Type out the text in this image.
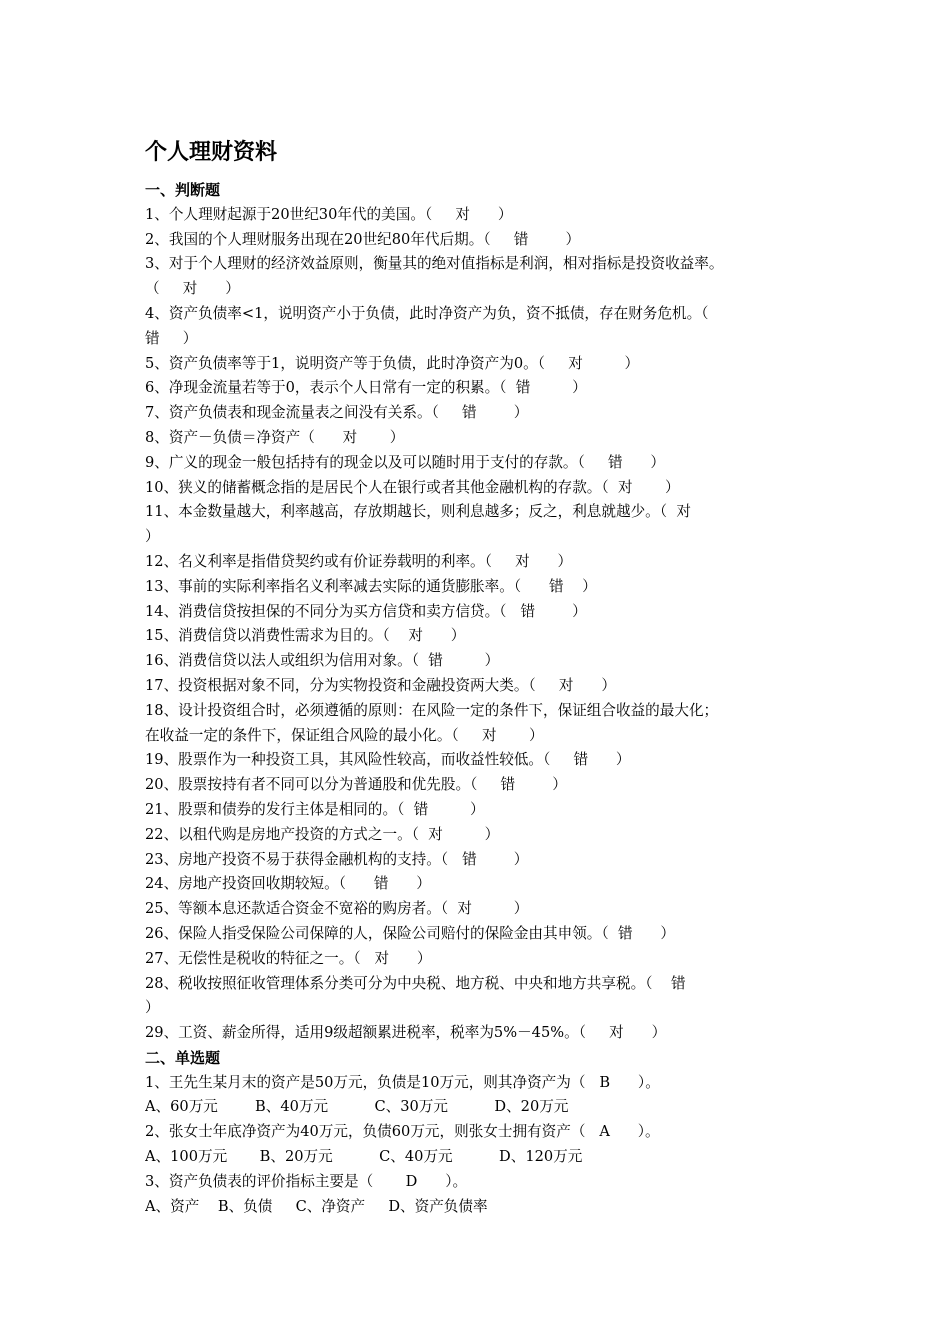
个人理财资料
一、判断题
1、个人理财起源于20世纪30年代的美国。（     对      ）
2、我国的个人理财服务出现在20世纪80年代后期。（     错        ）
3、对于个人理财的经济效益原则，衡量其的绝对值指标是利润，相对指标是投资收益率。
（     对      ）
4、资产负债率<1，说明资产小于负债，此时净资产为负，资不抵债，存在财务危机。（
错     ）
5、资产负债率等于1，说明资产等于负债，此时净资产为0。（     对         ）
6、净现金流量若等于0，表示个人日常有一定的积累。（  错         ）
7、资产负债表和现金流量表之间没有关系。（     错        ）
8、资产－负债＝净资产（      对       ）
9、广义的现金一般包括持有的现金以及可以随时用于支付的存款。（     错      ）
10、狭义的储蓄概念指的是居民个人在银行或者其他金融机构的存款。（  对       ）
11、本金数量越大，利率越高，存放期越长，则利息越多；反之，利息就越少。（  对
）
12、名义利率是指借贷契约或有价证券载明的利率。（     对      ）
13、事前的实际利率指名义利率减去实际的通货膨胀率。（      错    ）
14、消费信贷按担保的不同分为买方信贷和卖方信贷。（   错        ）
15、消费信贷以消费性需求为目的。（    对      ）
16、消费信贷以法人或组织为信用对象。（  错         ）
17、投资根据对象不同，分为实物投资和金融投资两大类。（     对      ）
18、设计投资组合时，必须遵循的原则：在风险一定的条件下，保证组合收益的最大化；
在收益一定的条件下，保证组合风险的最小化。（     对       ）
19、股票作为一种投资工具，其风险性较高，而收益性较低。（     错      ）
20、股票按持有者不同可以分为普通股和优先股。（     错        ）
21、股票和债券的发行主体是相同的。（  错         ）
22、以租代购是房地产投资的方式之一。（  对         ）
23、房地产投资不易于获得金融机构的支持。（   错        ）
24、房地产投资回收期较短。（      错      ）
25、等额本息还款适合资金不宽裕的购房者。（  对         ）
26、保险人指受保险公司保障的人，保险公司赔付的保险金由其申领。（  错      ）
27、无偿性是税收的特征之一。（   对      ）
28、税收按照征收管理体系分类可分为中央税、地方税、中央和地方共享税。（    错
）
29、工资、薪金所得，适用9级超额累进税率，税率为5%－45%。（     对      ）
二、单选题
1、王先生某月末的资产是50万元，负债是10万元，则其净资产为（   B      ）。
A、60万元        B、40万元          C、30万元          D、20万元
2、张女士年底净资产为40万元，负债60万元，则张女士拥有资产（   A      ）。
A、100万元       B、20万元          C、40万元          D、120万元
3、资产负债表的评价指标主要是（       D      ）。
A、资产    B、负债     C、净资产     D、资产负债率
